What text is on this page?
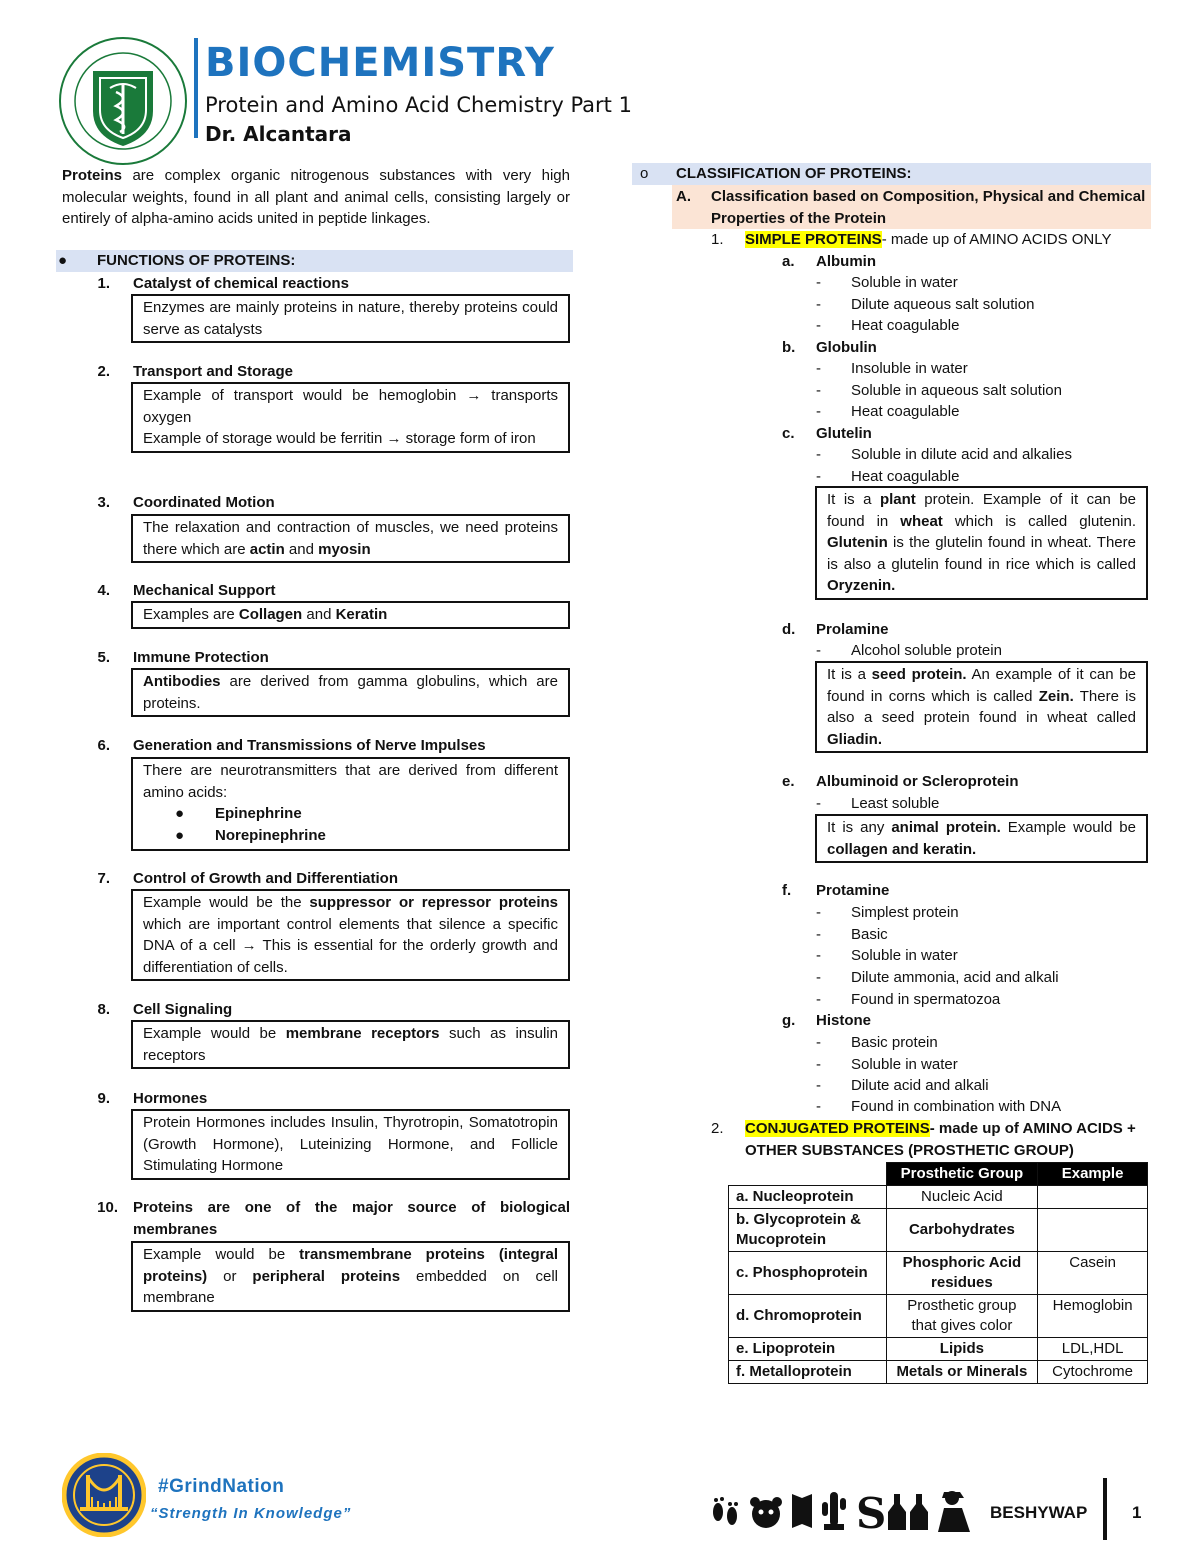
BIOCHEMISTRY
Protein and Amino Acid Chemistry Part 1
Dr. Alcantara
Proteins are complex organic nitrogenous substances with very high molecular weights, found in all plant and animal cells, consisting largely or entirely of alpha-amino acids united in peptide linkages.
●	FUNCTIONS OF PROTEINS:
1. Catalyst of chemical reactions
Enzymes are mainly proteins in nature, thereby proteins could serve as catalysts
2. Transport and Storage
Example of transport would be hemoglobin → transports oxygen
Example of storage would be ferritin → storage form of iron
3. Coordinated Motion
The relaxation and contraction of muscles, we need proteins there which are actin and myosin
4. Mechanical Support
Examples are Collagen and Keratin
5. Immune Protection
Antibodies are derived from gamma globulins, which are proteins.
6. Generation and Transmissions of Nerve Impulses
There are neurotransmitters that are derived from different amino acids:
● Epinephrine
● Norepinephrine
7. Control of Growth and Differentiation
Example would be the suppressor or repressor proteins which are important control elements that silence a specific DNA of a cell → This is essential for the orderly growth and differentiation of cells.
8. Cell Signaling
Example would be membrane receptors such as insulin receptors
9. Hormones
Protein Hormones includes Insulin, Thyrotropin, Somatotropin (Growth Hormone), Luteinizing Hormone, and Follicle Stimulating Hormone
10. Proteins are one of the major source of biological membranes
Example would be transmembrane proteins (integral proteins) or peripheral proteins embedded on cell membrane
o CLASSIFICATION OF PROTEINS:
A. Classification based on Composition, Physical and Chemical Properties of the Protein
1. SIMPLE PROTEINS- made up of AMINO ACIDS ONLY
a. Albumin
- Soluble in water
- Dilute aqueous salt solution
- Heat coagulable
b. Globulin
- Insoluble in water
- Soluble in aqueous salt solution
- Heat coagulable
c. Glutelin
- Soluble in dilute acid and alkalies
- Heat coagulable
It is a plant protein. Example of it can be found in wheat which is called glutenin. Glutenin is the glutelin found in wheat. There is also a glutelin found in rice which is called Oryzenin.
d. Prolamine
- Alcohol soluble protein
It is a seed protein. An example of it can be found in corns which is called Zein. There is also a seed protein found in wheat called Gliadin.
e. Albuminoid or Scleroprotein
- Least soluble
It is any animal protein. Example would be collagen and keratin.
f. Protamine
- Simplest protein
- Basic
- Soluble in water
- Dilute ammonia, acid and alkali
- Found in spermatozoa
g. Histone
- Basic protein
- Soluble in water
- Dilute acid and alkali
- Found in combination with DNA
2. CONJUGATED PROTEINS- made up of AMINO ACIDS + OTHER SUBSTANCES (PROSTHETIC GROUP)
	Prosthetic Group	Example
a. Nucleoprotein	Nucleic Acid	
b. Glycoprotein & Mucoprotein	Carbohydrates	
c. Phosphoprotein	Phosphoric Acid residues	Casein
d. Chromoprotein	Prosthetic group that gives color	Hemoglobin
e. Lipoprotein	Lipids	LDL,HDL
f. Metalloprotein	Metals or Minerals	Cytochrome
#GrindNation
“Strength In Knowledge”	S	BESHYWAP	1
